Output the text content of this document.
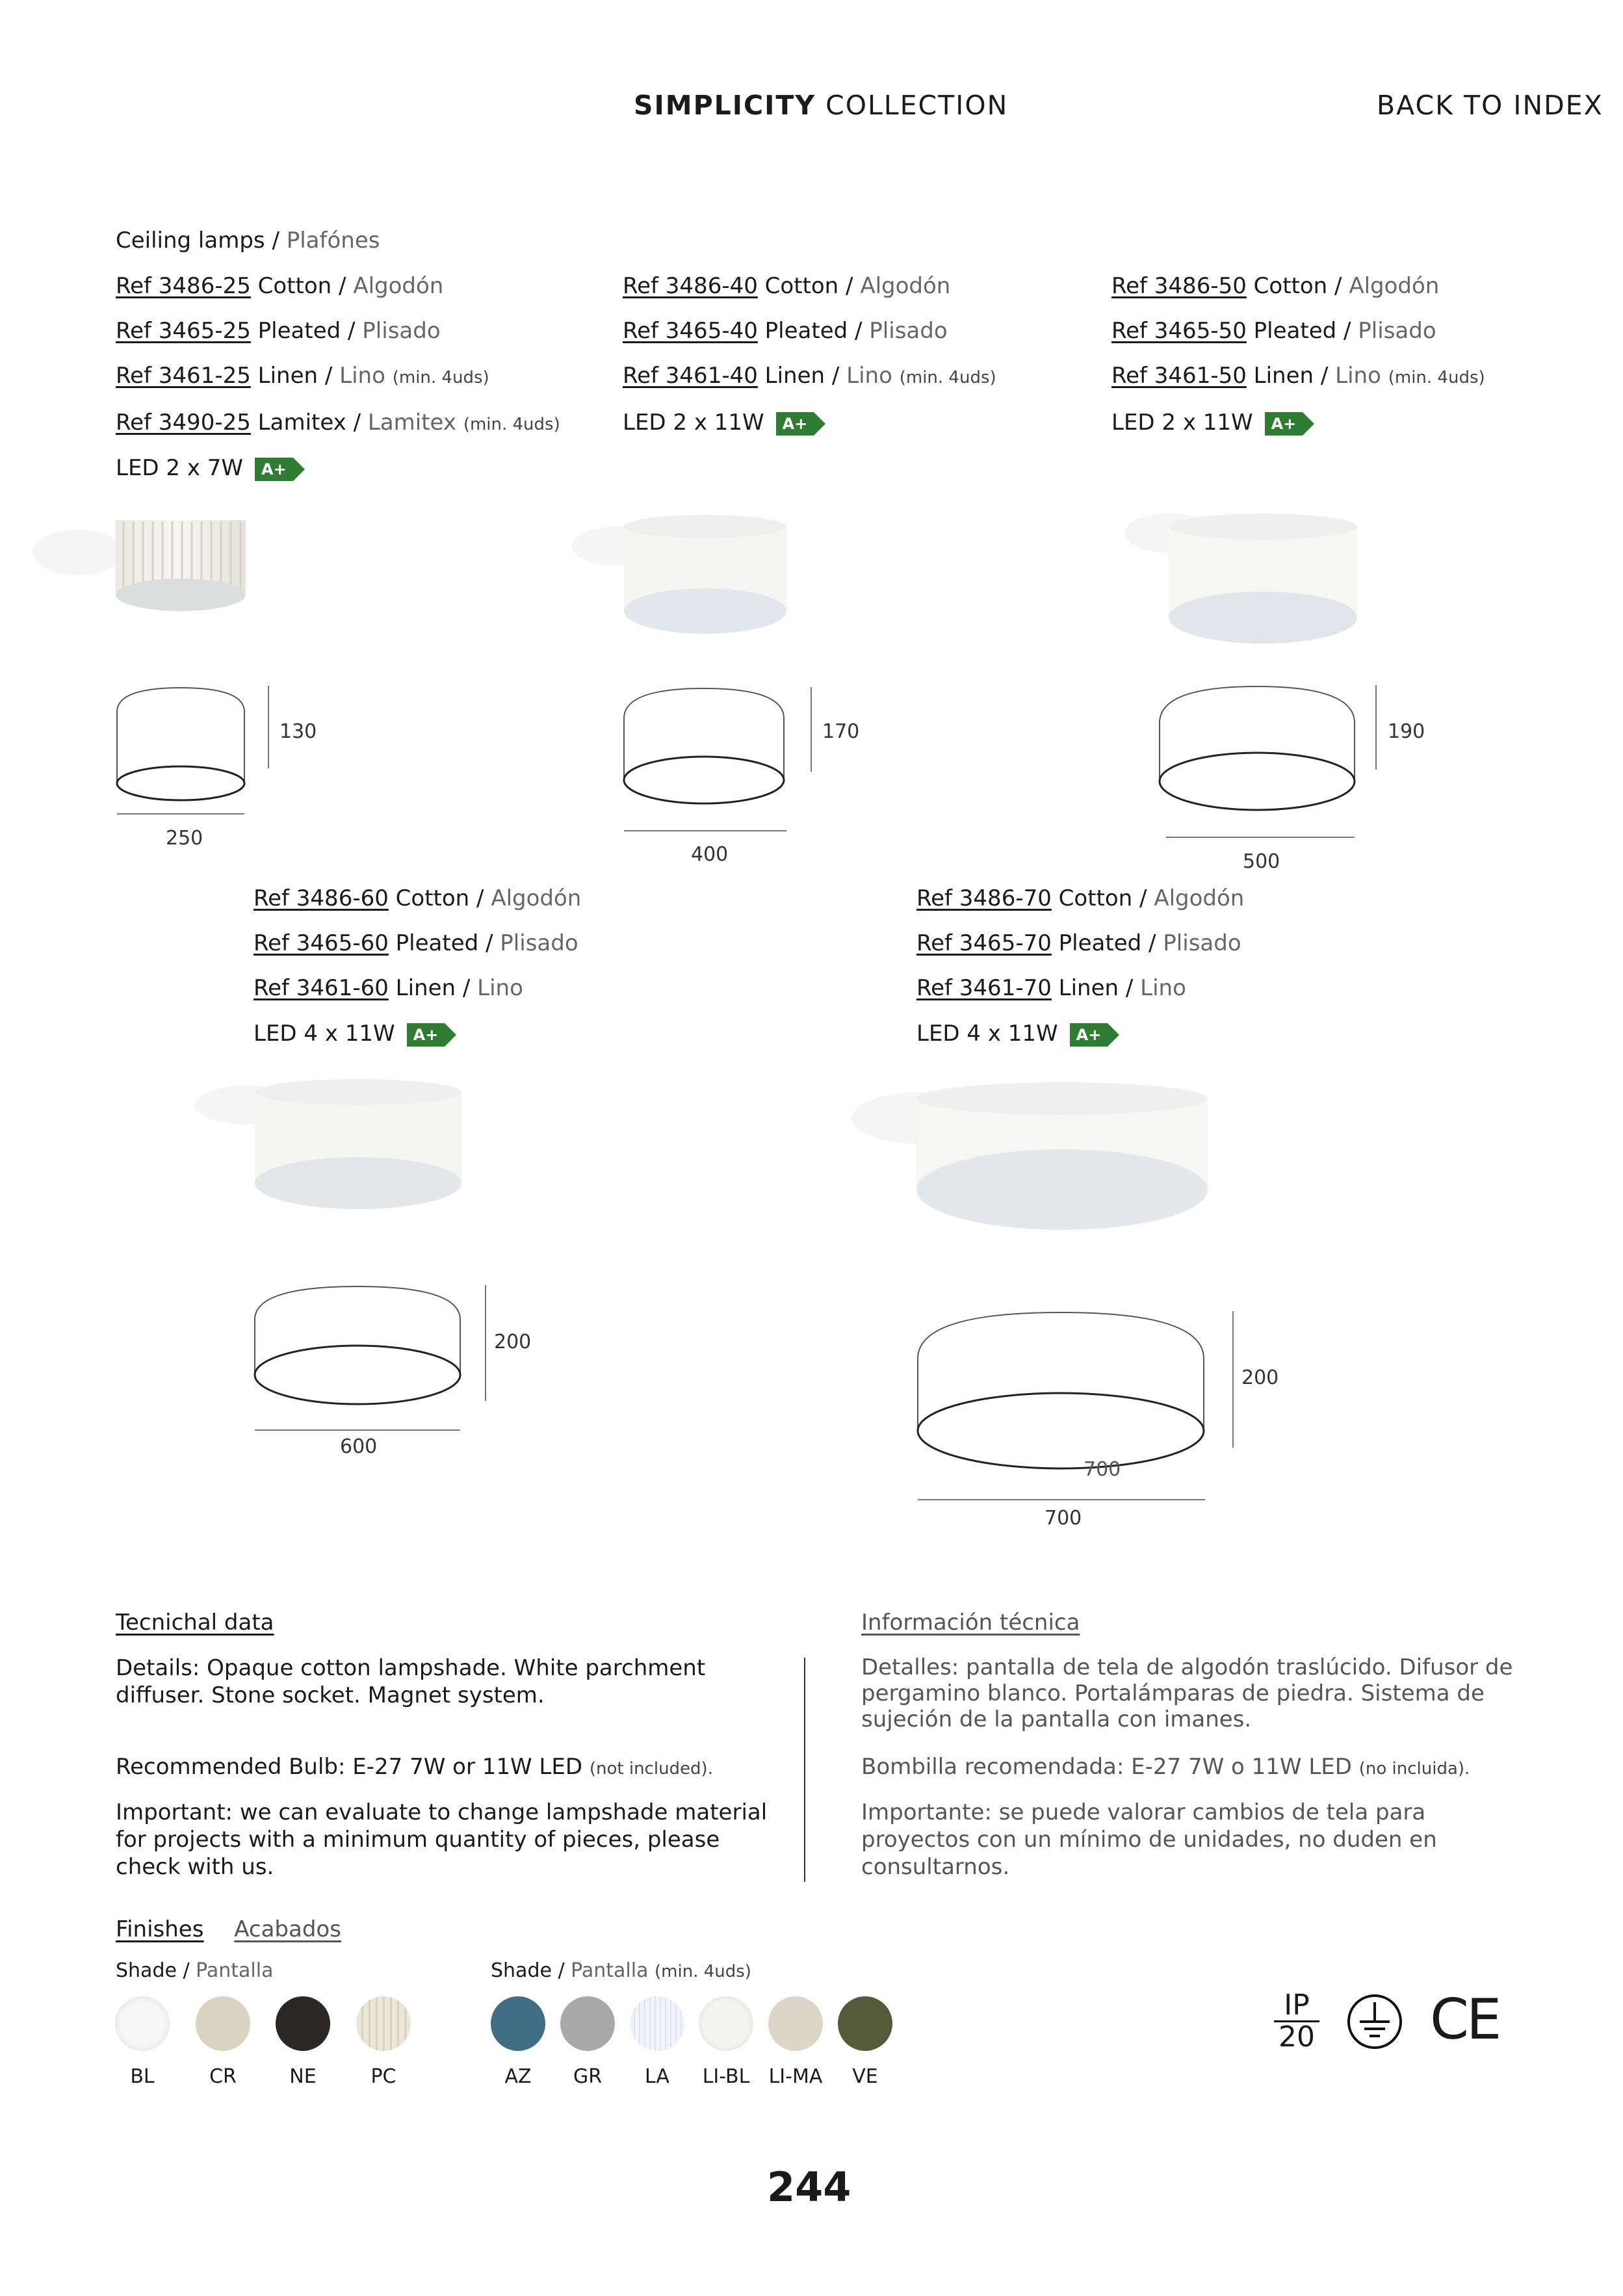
SIMPLICITY COLLECTION	BACK TO INDEX
Ceiling lamps / Plafónes
Ref 3486-25 Cotton / Algodón
Ref 3465-25 Pleated / Plisado
Ref 3461-25 Linen / Lino (min. 4uds)
Ref 3490-25 Lamitex / Lamitex (min. 4uds)
LED 2 x 7W A+
130
250
Ref 3486-40 Cotton / Algodón
Ref 3465-40 Pleated / Plisado
Ref 3461-40 Linen / Lino (min. 4uds)
LED 2 x 11W A+
170
400
Ref 3486-50 Cotton / Algodón
Ref 3465-50 Pleated / Plisado
Ref 3461-50 Linen / Lino (min. 4uds)
LED 2 x 11W A+
190
500
Ref 3486-60 Cotton / Algodón
Ref 3465-60 Pleated / Plisado
Ref 3461-60 Linen / Lino
LED 4 x 11W A+
200
600
Ref 3486-70 Cotton / Algodón
Ref 3465-70 Pleated / Plisado
Ref 3461-70 Linen / Lino
LED 4 x 11W A+
200
700
700
Tecnichal data
Details: Opaque cotton lampshade. White parchment diffuser. Stone socket. Magnet system.
Recommended Bulb: E-27 7W or 11W LED (not included).
Important: we can evaluate to change lampshade material for projects with a minimum quantity of pieces, please check with us.
Información técnica
Detalles: pantalla de tela de algodón traslúcido. Difusor de pergamino blanco. Portalámparas de piedra. Sistema de sujeción de la pantalla con imanes.
Bombilla recomendada: E-27 7W o 11W LED (no incluida).
Importante: se puede valorar cambios de tela para proyectos con un mínimo de unidades, no duden en consultarnos.
Finishes Acabados
Shade / Pantalla	Shade / Pantalla (min. 4uds)
BL	CR	NE	PC	AZ	GR	LA	LI-BL LI-MA	VE
IP
20 CE
244
